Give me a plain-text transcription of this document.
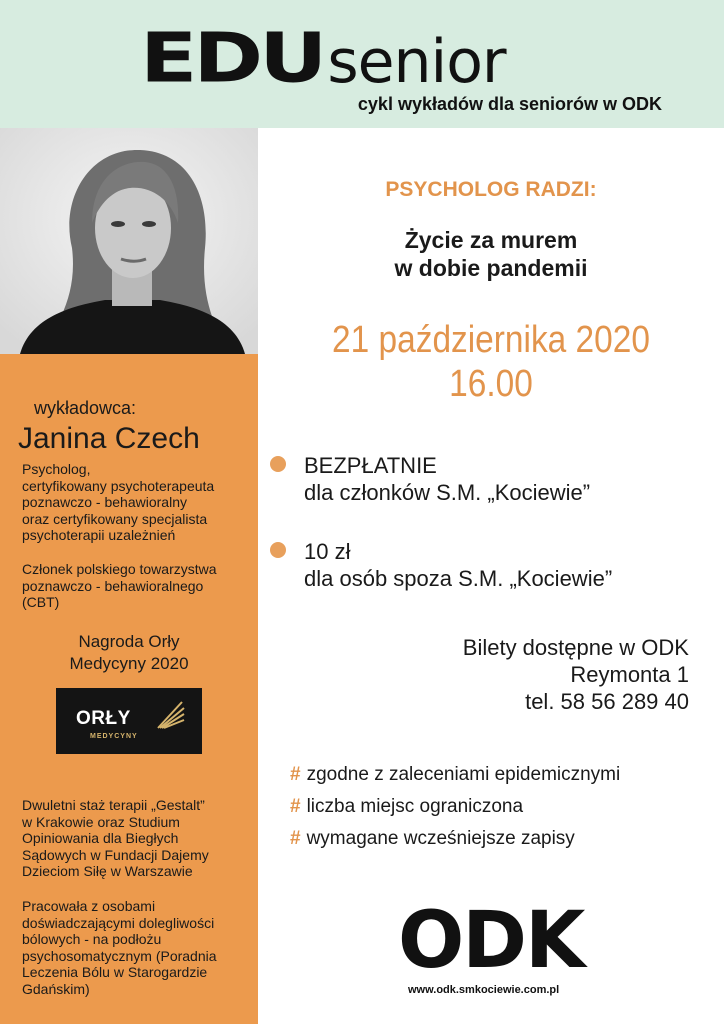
EDU senior
cykl wykładów dla seniorów w ODK
wykładowca:
Janina Czech
Psycholog,
certyfikowany psychoterapeuta
poznawczo - behawioralny
oraz certyfikowany specjalista
psychoterapii uzależnień
Członek polskiego towarzystwa
poznawczo - behawioralnego
(CBT)
Nagroda Orły
Medycyny 2020
ORŁY
MEDYCYNY
Dwuletni staż terapii „Gestalt”
w Krakowie oraz Studium
Opiniowania dla Biegłych
Sądowych w Fundacji Dajemy
Dzieciom Siłę w Warszawie
Pracowała z osobami
doświadczającymi dolegliwości
bólowych - na podłożu
psychosomatycznym (Poradnia
Leczenia Bólu w Starogardzie
Gdańskim)
PSYCHOLOG RADZI:
Życie za murem
w dobie pandemii
21 października 2020
16.00
BEZPŁATNIE
dla członków S.M. „Kociewie”
10 zł
dla osób spoza S.M. „Kociewie”
Bilety dostępne w ODK
Reymonta 1
tel. 58 56 289 40
# zgodne z zaleceniami epidemicznymi
# liczba miejsc ograniczona
# wymagane wcześniejsze zapisy
ODK
www.odk.smkociewie.com.pl
